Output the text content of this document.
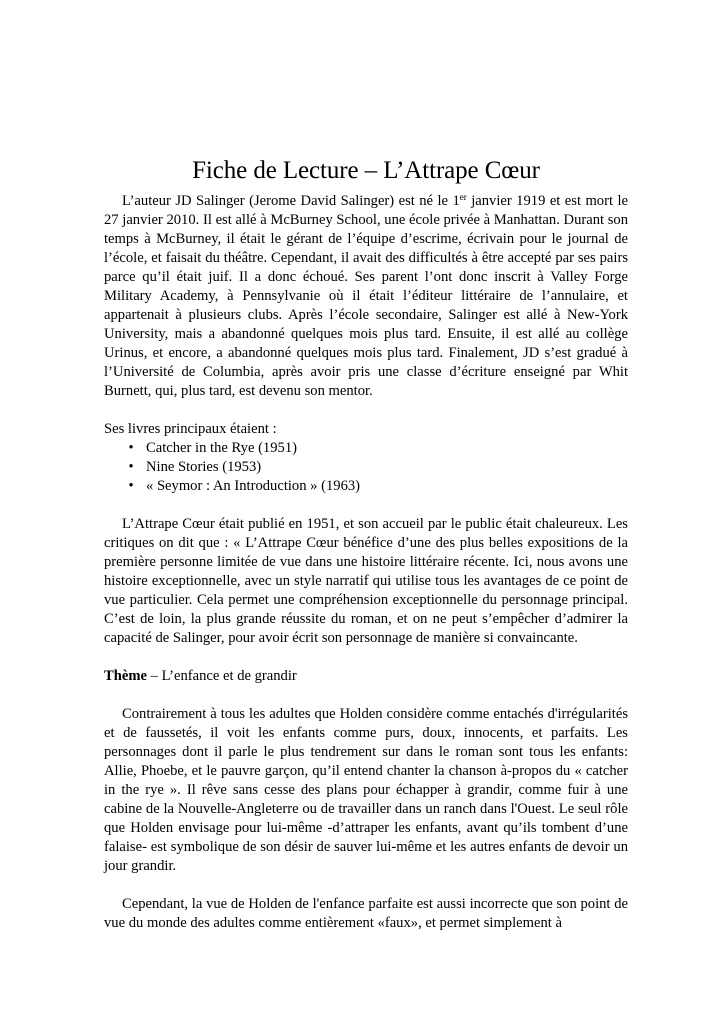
Fiche de Lecture – L’Attrape Cœur

L’auteur JD Salinger (Jerome David Salinger) est né le 1er janvier 1919 et est mort le 27 janvier 2010. Il est allé à McBurney School, une école privée à Manhattan. Durant son temps à McBurney, il était le gérant de l’équipe d’escrime, écrivain pour le journal de l’école, et faisait du théâtre. Cependant, il avait des difficultés à être accepté par ses pairs parce qu’il était juif. Il a donc échoué. Ses parent l’ont donc inscrit à Valley Forge Military Academy, à Pennsylvanie où il était l’éditeur littéraire de l’annulaire, et appartenait à plusieurs clubs. Après l’école secondaire, Salinger est allé à New-York University, mais a abandonné quelques mois plus tard. Ensuite, il est allé au collège Urinus, et encore, a abandonné quelques mois plus tard. Finalement, JD s’est gradué à l’Université de Columbia, après avoir pris une classe d’écriture enseigné par Whit Burnett, qui, plus tard, est devenu son mentor.

Ses livres principaux étaient :

• Catcher in the Rye (1951)
• Nine Stories (1953)
• « Seymor : An Introduction » (1963)

L’Attrape Cœur était publié en 1951, et son accueil par le public était chaleureux. Les critiques on dit que : « L’Attrape Cœur bénéfice d’une des plus belles expositions de la première personne limitée de vue dans une histoire littéraire récente. Ici, nous avons une histoire exceptionnelle, avec un style narratif qui utilise tous les avantages de ce point de vue particulier. Cela permet une compréhension exceptionnelle du personnage principal. C’est de loin, la plus grande réussite du roman, et on ne peut s’empêcher d’admirer la capacité de Salinger, pour avoir écrit son personnage de manière si convaincante.

Thème – L’enfance et de grandir

Contrairement à tous les adultes que Holden considère comme entachés d'irrégularités et de faussetés, il voit les enfants comme purs, doux, innocents, et parfaits. Les personnages dont il parle le plus tendrement sur dans le roman sont tous les enfants: Allie, Phoebe, et le pauvre garçon, qu’il entend chanter la chanson à-propos du « catcher in the rye ». Il rêve sans cesse des plans pour échapper à grandir, comme fuir à une cabine de la Nouvelle-Angleterre ou de travailler dans un ranch dans l'Ouest. Le seul rôle que Holden envisage pour lui-même -d’attraper les enfants, avant qu’ils tombent d’une falaise- est symbolique de son désir de sauver lui-même et les autres enfants de devoir un jour grandir.

Cependant, la vue de Holden de l'enfance parfaite est aussi incorrecte que son point de vue du monde des adultes comme entièrement «faux», et permet simplement à
